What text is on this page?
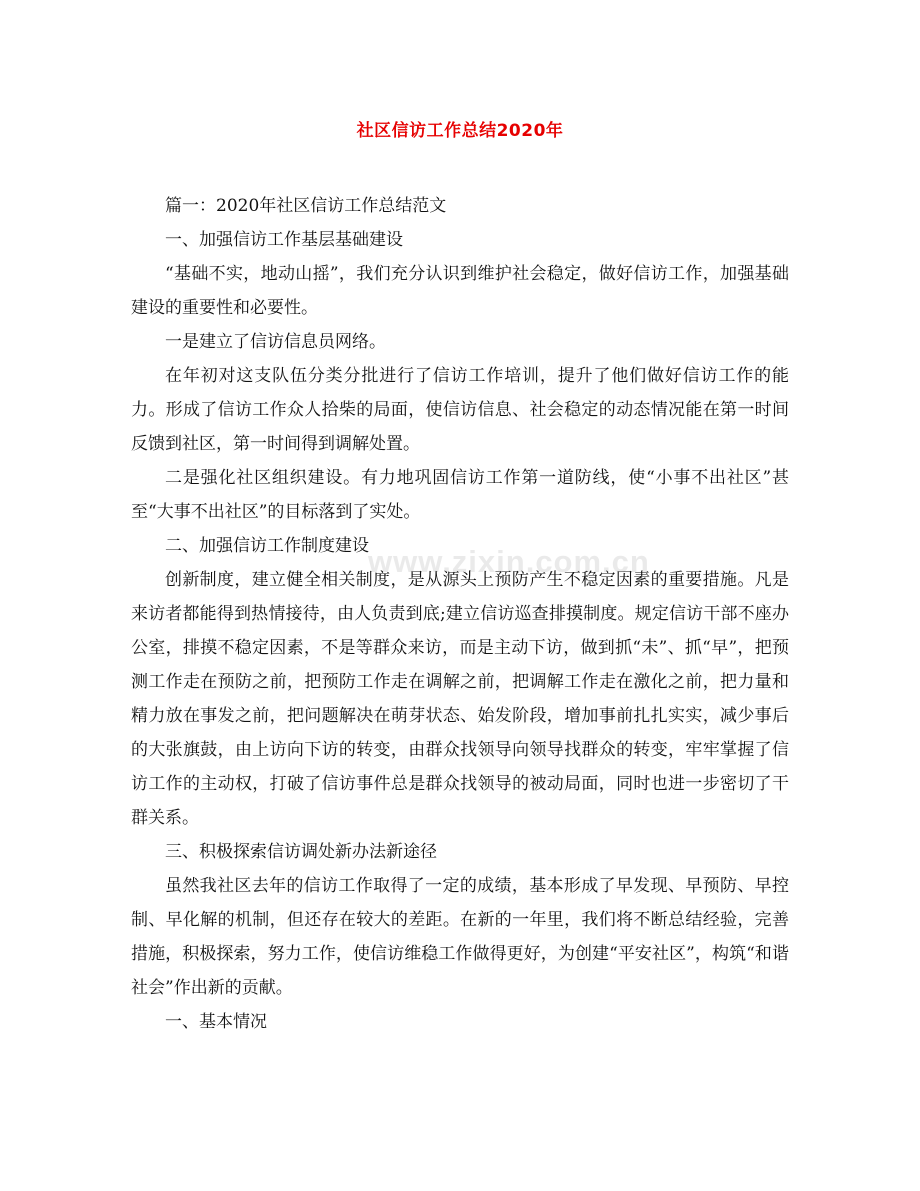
社区信访工作总结2020年

篇一：2020年社区信访工作总结范文

一、加强信访工作基层基础建设

“基础不实，地动山摇”，我们充分认识到维护社会稳定，做好信访工作，加强基础建设的重要性和必要性。

一是建立了信访信息员网络。

在年初对这支队伍分类分批进行了信访工作培训，提升了他们做好信访工作的能力。形成了信访工作众人拾柴的局面，使信访信息、社会稳定的动态情况能在第一时间反馈到社区，第一时间得到调解处置。

二是强化社区组织建设。有力地巩固信访工作第一道防线，使“小事不出社区”甚至“大事不出社区”的目标落到了实处。

二、加强信访工作制度建设

创新制度，建立健全相关制度，是从源头上预防产生不稳定因素的重要措施。凡是来访者都能得到热情接待，由人负责到底;建立信访巡查排摸制度。规定信访干部不座办公室，排摸不稳定因素，不是等群众来访，而是主动下访，做到抓“未”、抓“早”，把预测工作走在预防之前，把预防工作走在调解之前，把调解工作走在激化之前，把力量和精力放在事发之前，把问题解决在萌芽状态、始发阶段，增加事前扎扎实实，减少事后的大张旗鼓，由上访向下访的转变，由群众找领导向领导找群众的转变，牢牢掌握了信访工作的主动权，打破了信访事件总是群众找领导的被动局面，同时也进一步密切了干群关系。

三、积极探索信访调处新办法新途径

虽然我社区去年的信访工作取得了一定的成绩，基本形成了早发现、早预防、早控制、早化解的机制，但还存在较大的差距。在新的一年里，我们将不断总结经验，完善措施，积极探索，努力工作，使信访维稳工作做得更好，为创建“平安社区”，构筑“和谐社会”作出新的贡献。

一、基本情况

www.zixin.com.cn
